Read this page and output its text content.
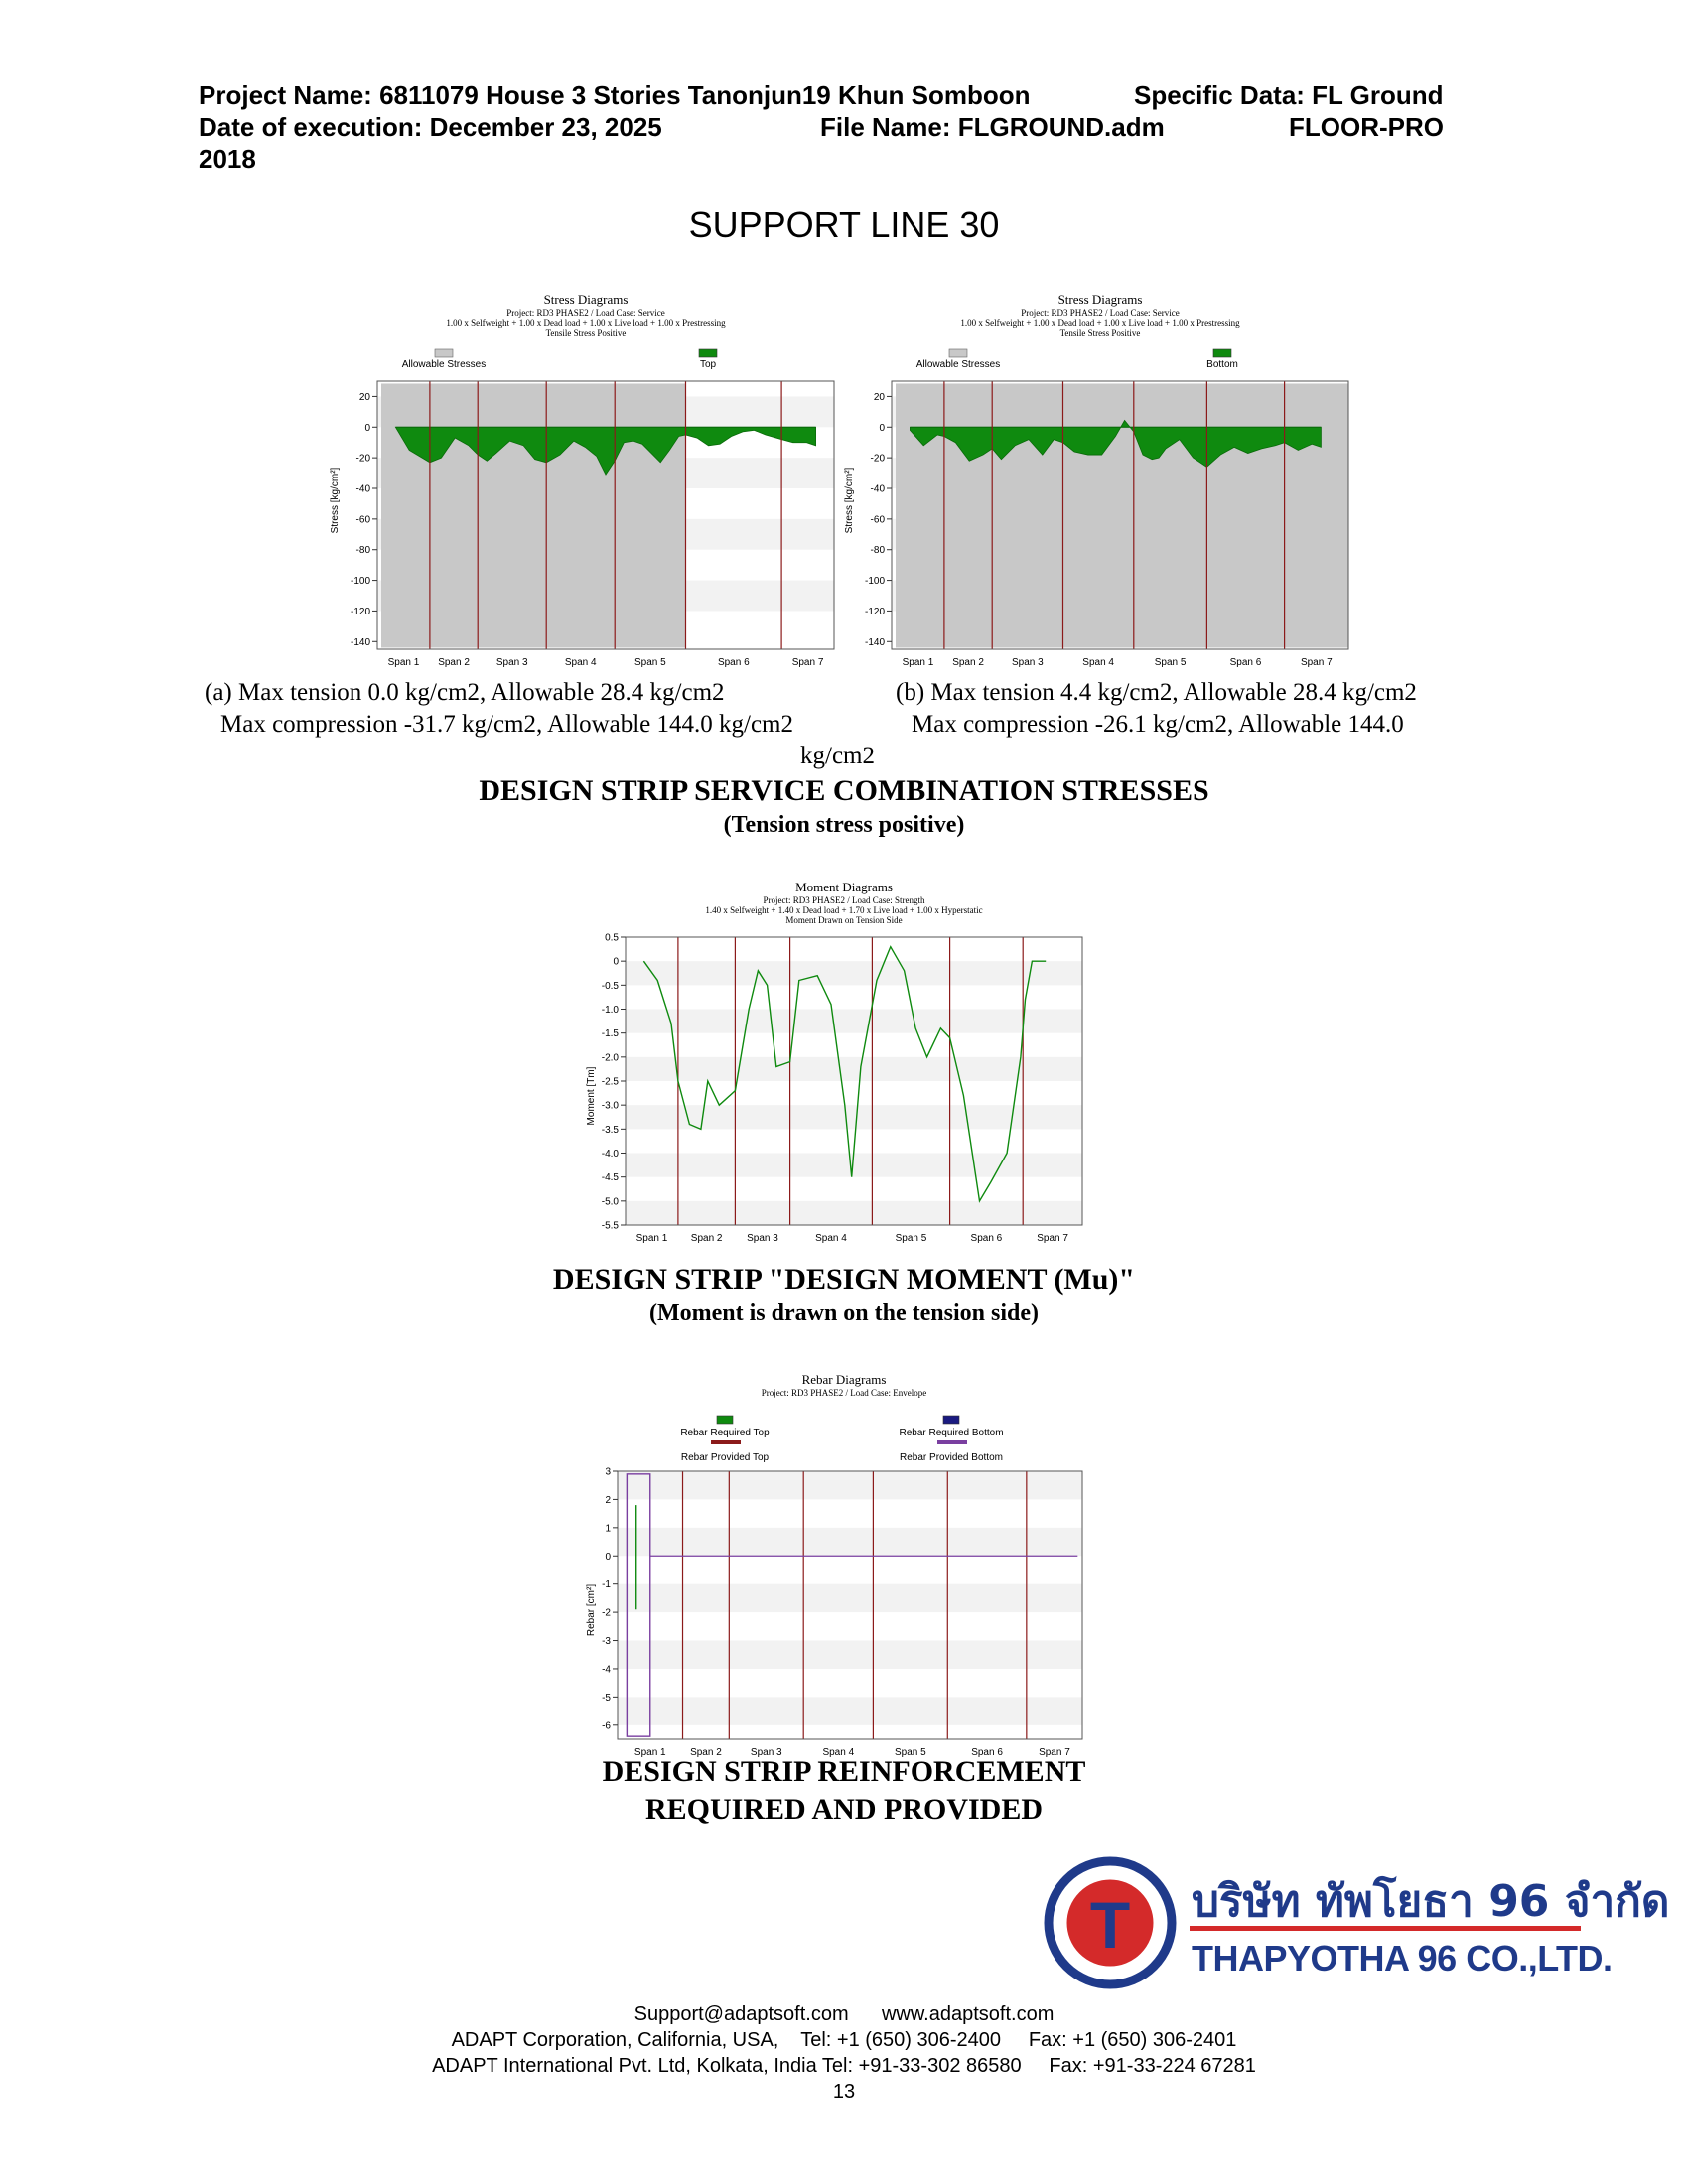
Project Name: 6811079 House 3 Stories Tanonjun19 Khun Somboon	Specific Data: FL Ground
Date of execution: December 23, 2025	File Name: FLGROUND.adm	FLOOR-PRO
2018
SUPPORT LINE 30
Stress Diagrams
Project: RD3 PHASE2 / Load Case: Service
1.00 x Selfweight + 1.00 x Dead load + 1.00 x Live load + 1.00 x Prestressing
Tensile Stress Positive
Allowable Stresses	Top
Stress [kg/cm²]
20
0
-20
-40
-60
-80
-100
-120
-140
Span 1 Span 2	Span 3	Span 4	Span 5	Span 6	Span 7
Stress Diagrams
Project: RD3 PHASE2 / Load Case: Service
1.00 x Selfweight + 1.00 x Dead load + 1.00 x Live load + 1.00 x Prestressing
Tensile Stress Positive
Allowable Stresses	Bottom
Stress [kg/cm²]
20
0
-20
-40
-60
-80
-100
-120
-140
Span 1 Span 2	Span 3	Span 4	Span 5	Span 6	Span 7
(a) Max tension 0.0 kg/cm2, Allowable 28.4 kg/cm2
Max compression -31.7 kg/cm2, Allowable 144.0 kg/cm2
(b) Max tension 4.4 kg/cm2, Allowable 28.4 kg/cm2
Max compression -26.1 kg/cm2, Allowable 144.0
kg/cm2
DESIGN STRIP SERVICE COMBINATION STRESSES
(Tension stress positive)
Moment Diagrams
Project: RD3 PHASE2 / Load Case: Strength
1.40 x Selfweight + 1.40 x Dead load + 1.70 x Live load + 1.00 x Hyperstatic
Moment Drawn on Tension Side
Moment [Tm]
-5.5
-5.0
-4.5
-4.0
-3.5
-3.0
-2.5
-2.0
-1.5
-1.0
-0.5
0
0.5
Span 1 Span 2 Span 3	Span 4	Span 5	Span 6	Span 7
DESIGN STRIP "DESIGN MOMENT (Mu)"
(Moment is drawn on the tension side)
Rebar Diagrams
Project: RD3 PHASE2 / Load Case: Envelope
Rebar Required Top	Rebar Required Bottom
Rebar Provided Top	Rebar Provided Bottom
Rebar [cm²]
3
2
1
0
-1
-2
-3
-4
-5
-6
Span 1 Span 2	Span 3	Span 4	Span 5	Span 6	Span 7
DESIGN STRIP REINFORCEMENT
REQUIRED AND PROVIDED
T บริษัท ทัพโยธา 96 จำกัด
THAPYOTHA 96 CO.,LTD.
Support@adaptsoft.com      www.adaptsoft.com
ADAPT Corporation, California, USA,    Tel: +1 (650) 306-2400     Fax: +1 (650) 306-2401
ADAPT International Pvt. Ltd, Kolkata, India Tel: +91-33-302 86580     Fax: +91-33-224 67281
13
